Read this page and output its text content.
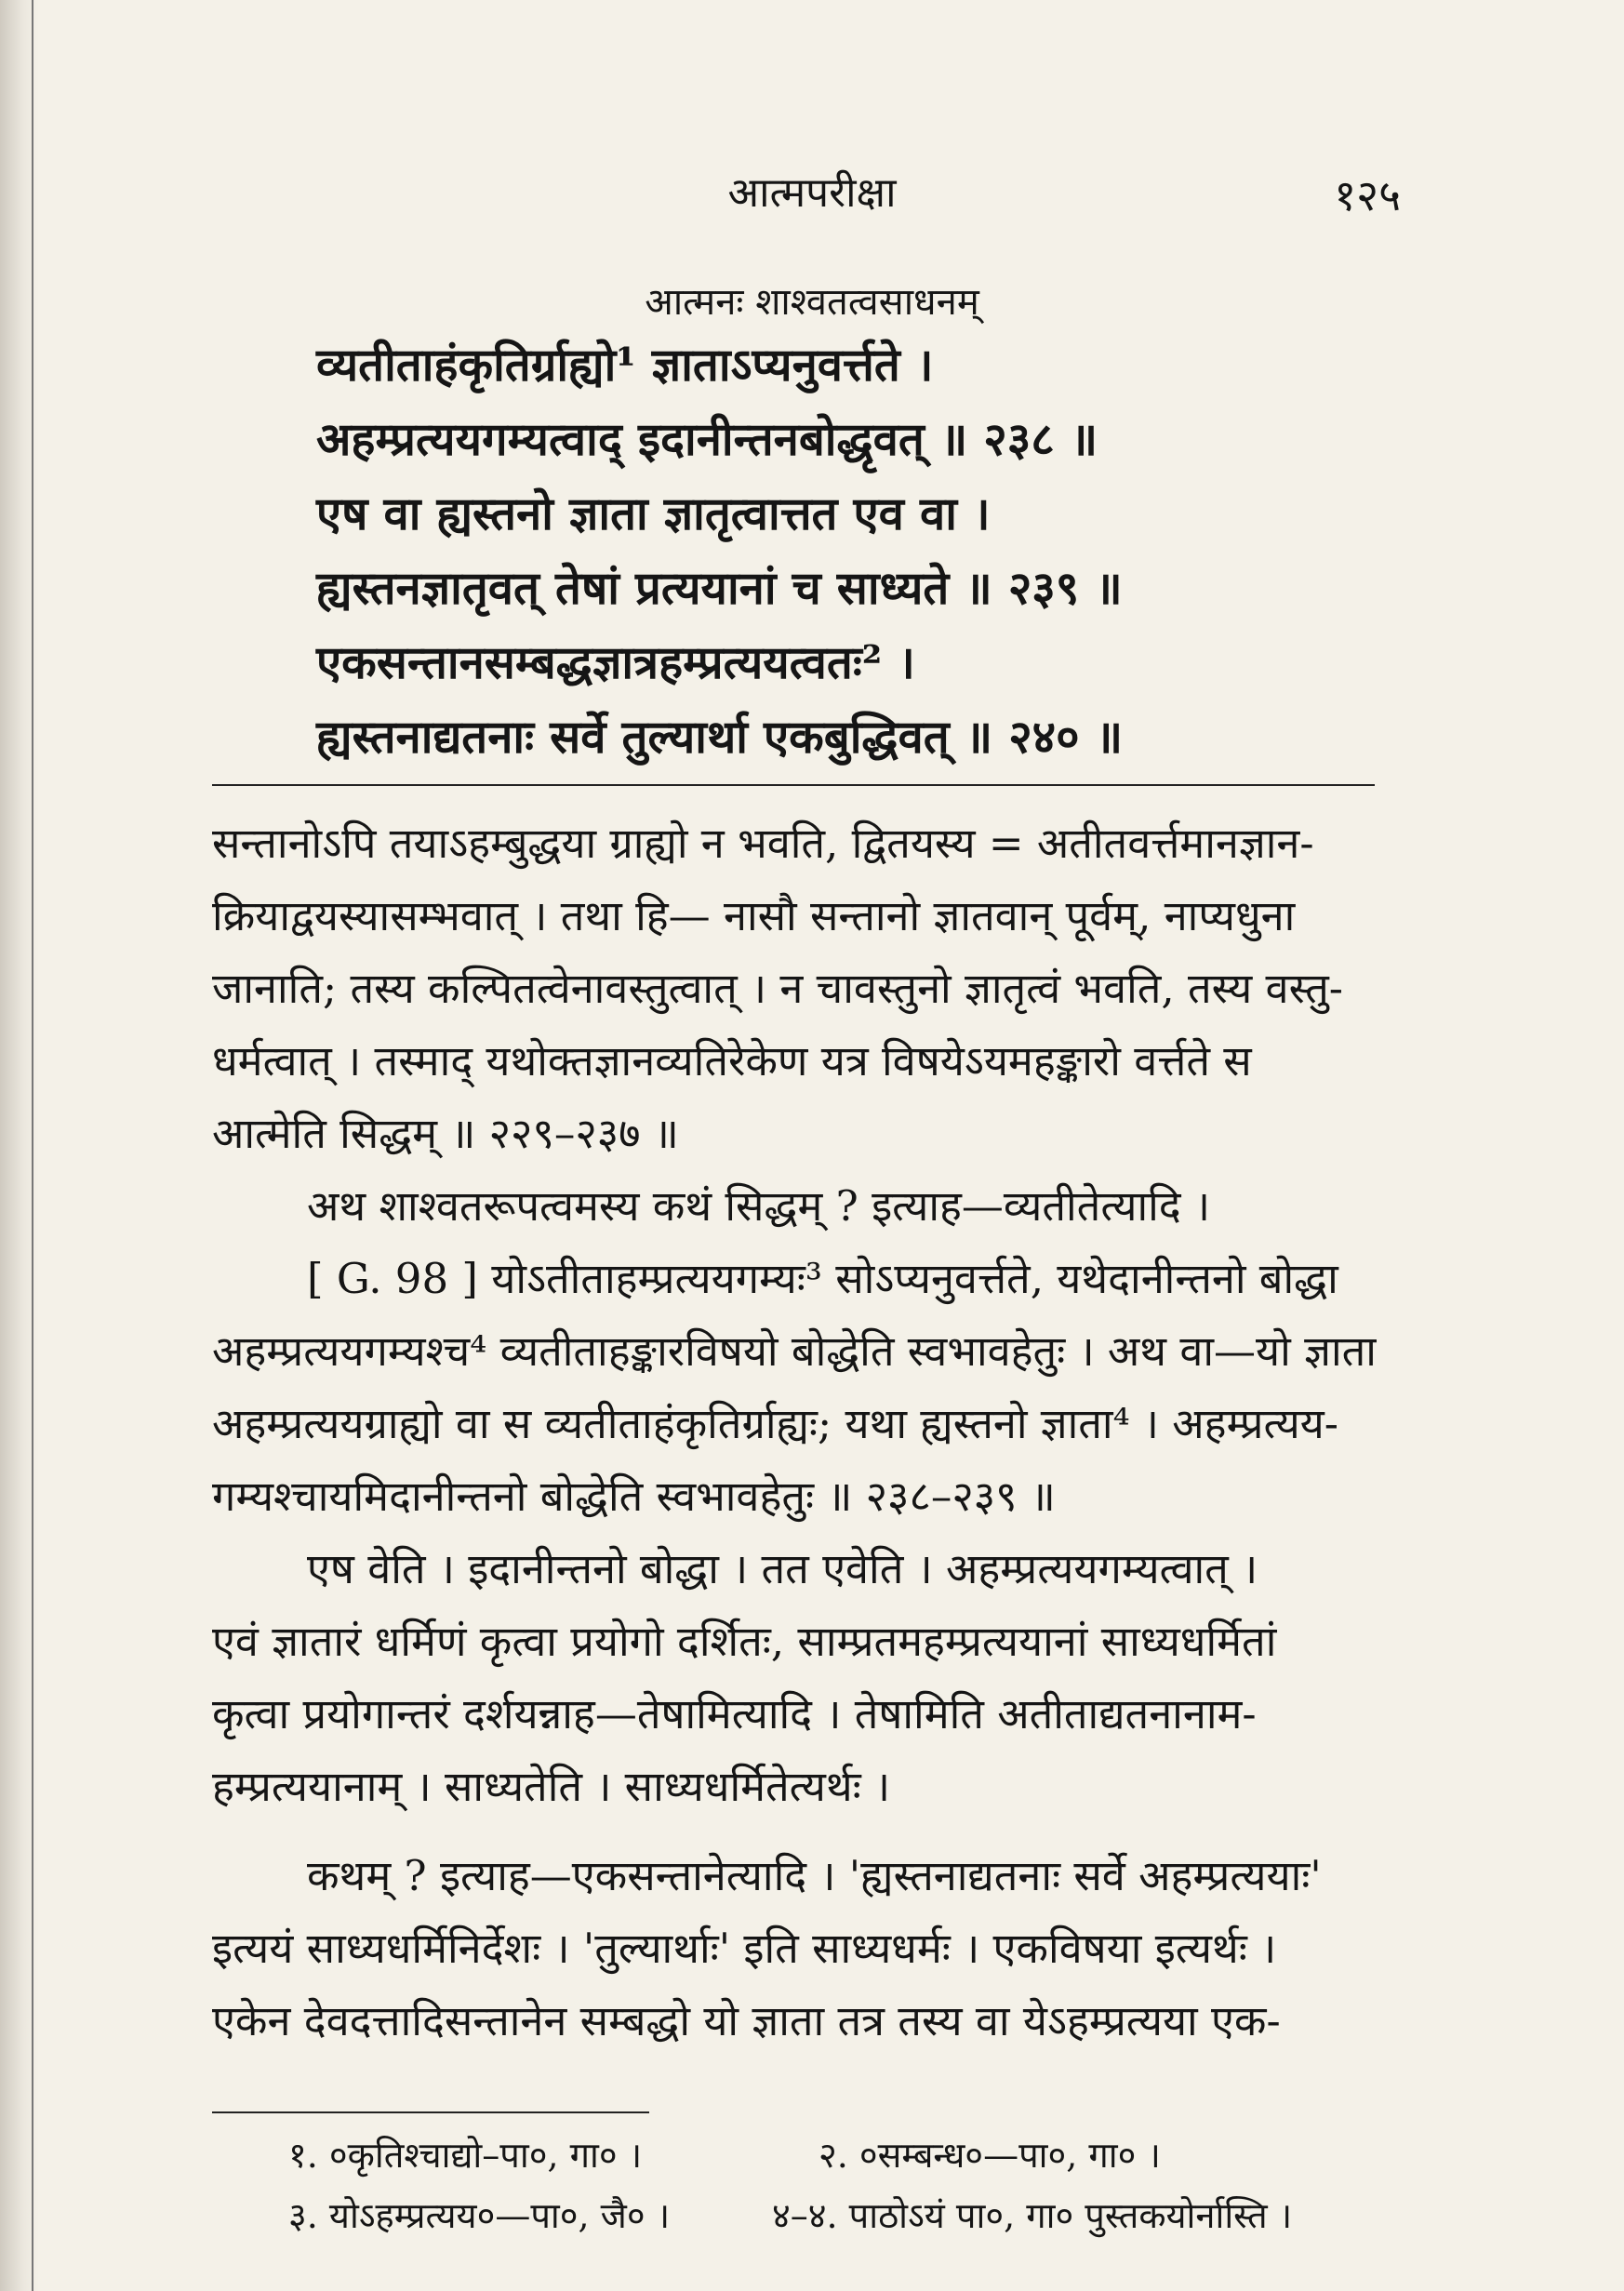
आत्मपरीक्षा	१२५
आत्मनः शाश्वतत्वसाधनम्
व्यतीताहंकृतिर्ग्राह्यो¹ ज्ञाताऽप्यनुवर्त्तते ।
अहम्प्रत्ययगम्यत्वाद् इदानीन्तनबोद्धृवत् ॥ २३८ ॥
एष वा ह्यस्तनो ज्ञाता ज्ञातृत्वात्तत एव वा ।
ह्यस्तनज्ञातृवत् तेषां प्रत्ययानां च साध्यते ॥ २३९ ॥
एकसन्तानसम्बद्धज्ञात्रहम्प्रत्ययत्वतः² ।
ह्यस्तनाद्यतनाः सर्वे तुल्यार्था एकबुद्धिवत् ॥ २४० ॥
सन्तानोऽपि तयाऽहम्बुद्धया ग्राह्यो न भवति, द्वितयस्य = अतीतवर्त्तमानज्ञान-
क्रियाद्वयस्यासम्भवात् । तथा हि— नासौ सन्तानो ज्ञातवान् पूर्वम्, नाप्यधुना
जानाति; तस्य कल्पितत्वेनावस्तुत्वात् । न चावस्तुनो ज्ञातृत्वं भवति, तस्य वस्तु-
धर्मत्वात् । तस्माद् यथोक्तज्ञानव्यतिरेकेण यत्र विषयेऽयमहङ्कारो वर्त्तते स
आत्मेति सिद्धम् ॥ २२९–२३७ ॥
अथ शाश्वतरूपत्वमस्य कथं सिद्धम् ? इत्याह—व्यतीतेत्यादि ।
[ G. 98 ] योऽतीताहम्प्रत्ययगम्यः³ सोऽप्यनुवर्त्तते, यथेदानीन्तनो बोद्धा
अहम्प्रत्ययगम्यश्च⁴ व्यतीताहङ्कारविषयो बोद्धेति स्वभावहेतुः । अथ वा—यो ज्ञाता
अहम्प्रत्ययग्राह्यो वा स व्यतीताहंकृतिर्ग्राह्यः; यथा ह्यस्तनो ज्ञाता⁴ । अहम्प्रत्यय-
गम्यश्चायमिदानीन्तनो बोद्धेति स्वभावहेतुः ॥ २३८–२३९ ॥
एष वेति । इदानीन्तनो बोद्धा । तत एवेति । अहम्प्रत्ययगम्यत्वात् ।
एवं ज्ञातारं धर्मिणं कृत्वा प्रयोगो दर्शितः, साम्प्रतमहम्प्रत्ययानां साध्यधर्मितां
कृत्वा प्रयोगान्तरं दर्शयन्नाह—तेषामित्यादि । तेषामिति अतीताद्यतनानाम-
हम्प्रत्ययानाम् । साध्यतेति । साध्यधर्मितेत्यर्थः ।
कथम् ? इत्याह—एकसन्तानेत्यादि । 'ह्यस्तनाद्यतनाः सर्वे अहम्प्रत्ययाः'
इत्ययं साध्यधर्मिनिर्देशः । 'तुल्यार्थाः' इति साध्यधर्मः । एकविषया इत्यर्थः ।
एकेन देवदत्तादिसन्तानेन सम्बद्धो यो ज्ञाता तत्र तस्य वा येऽहम्प्रत्यया एक-
१. ०कृतिश्चाद्यो–पा०, गा० ।	२. ०सम्बन्ध०—पा०, गा० ।
३. योऽहम्प्रत्यय०—पा०, जै० ।	४–४. पाठोऽयं पा०, गा० पुस्तकयोर्नास्ति ।
